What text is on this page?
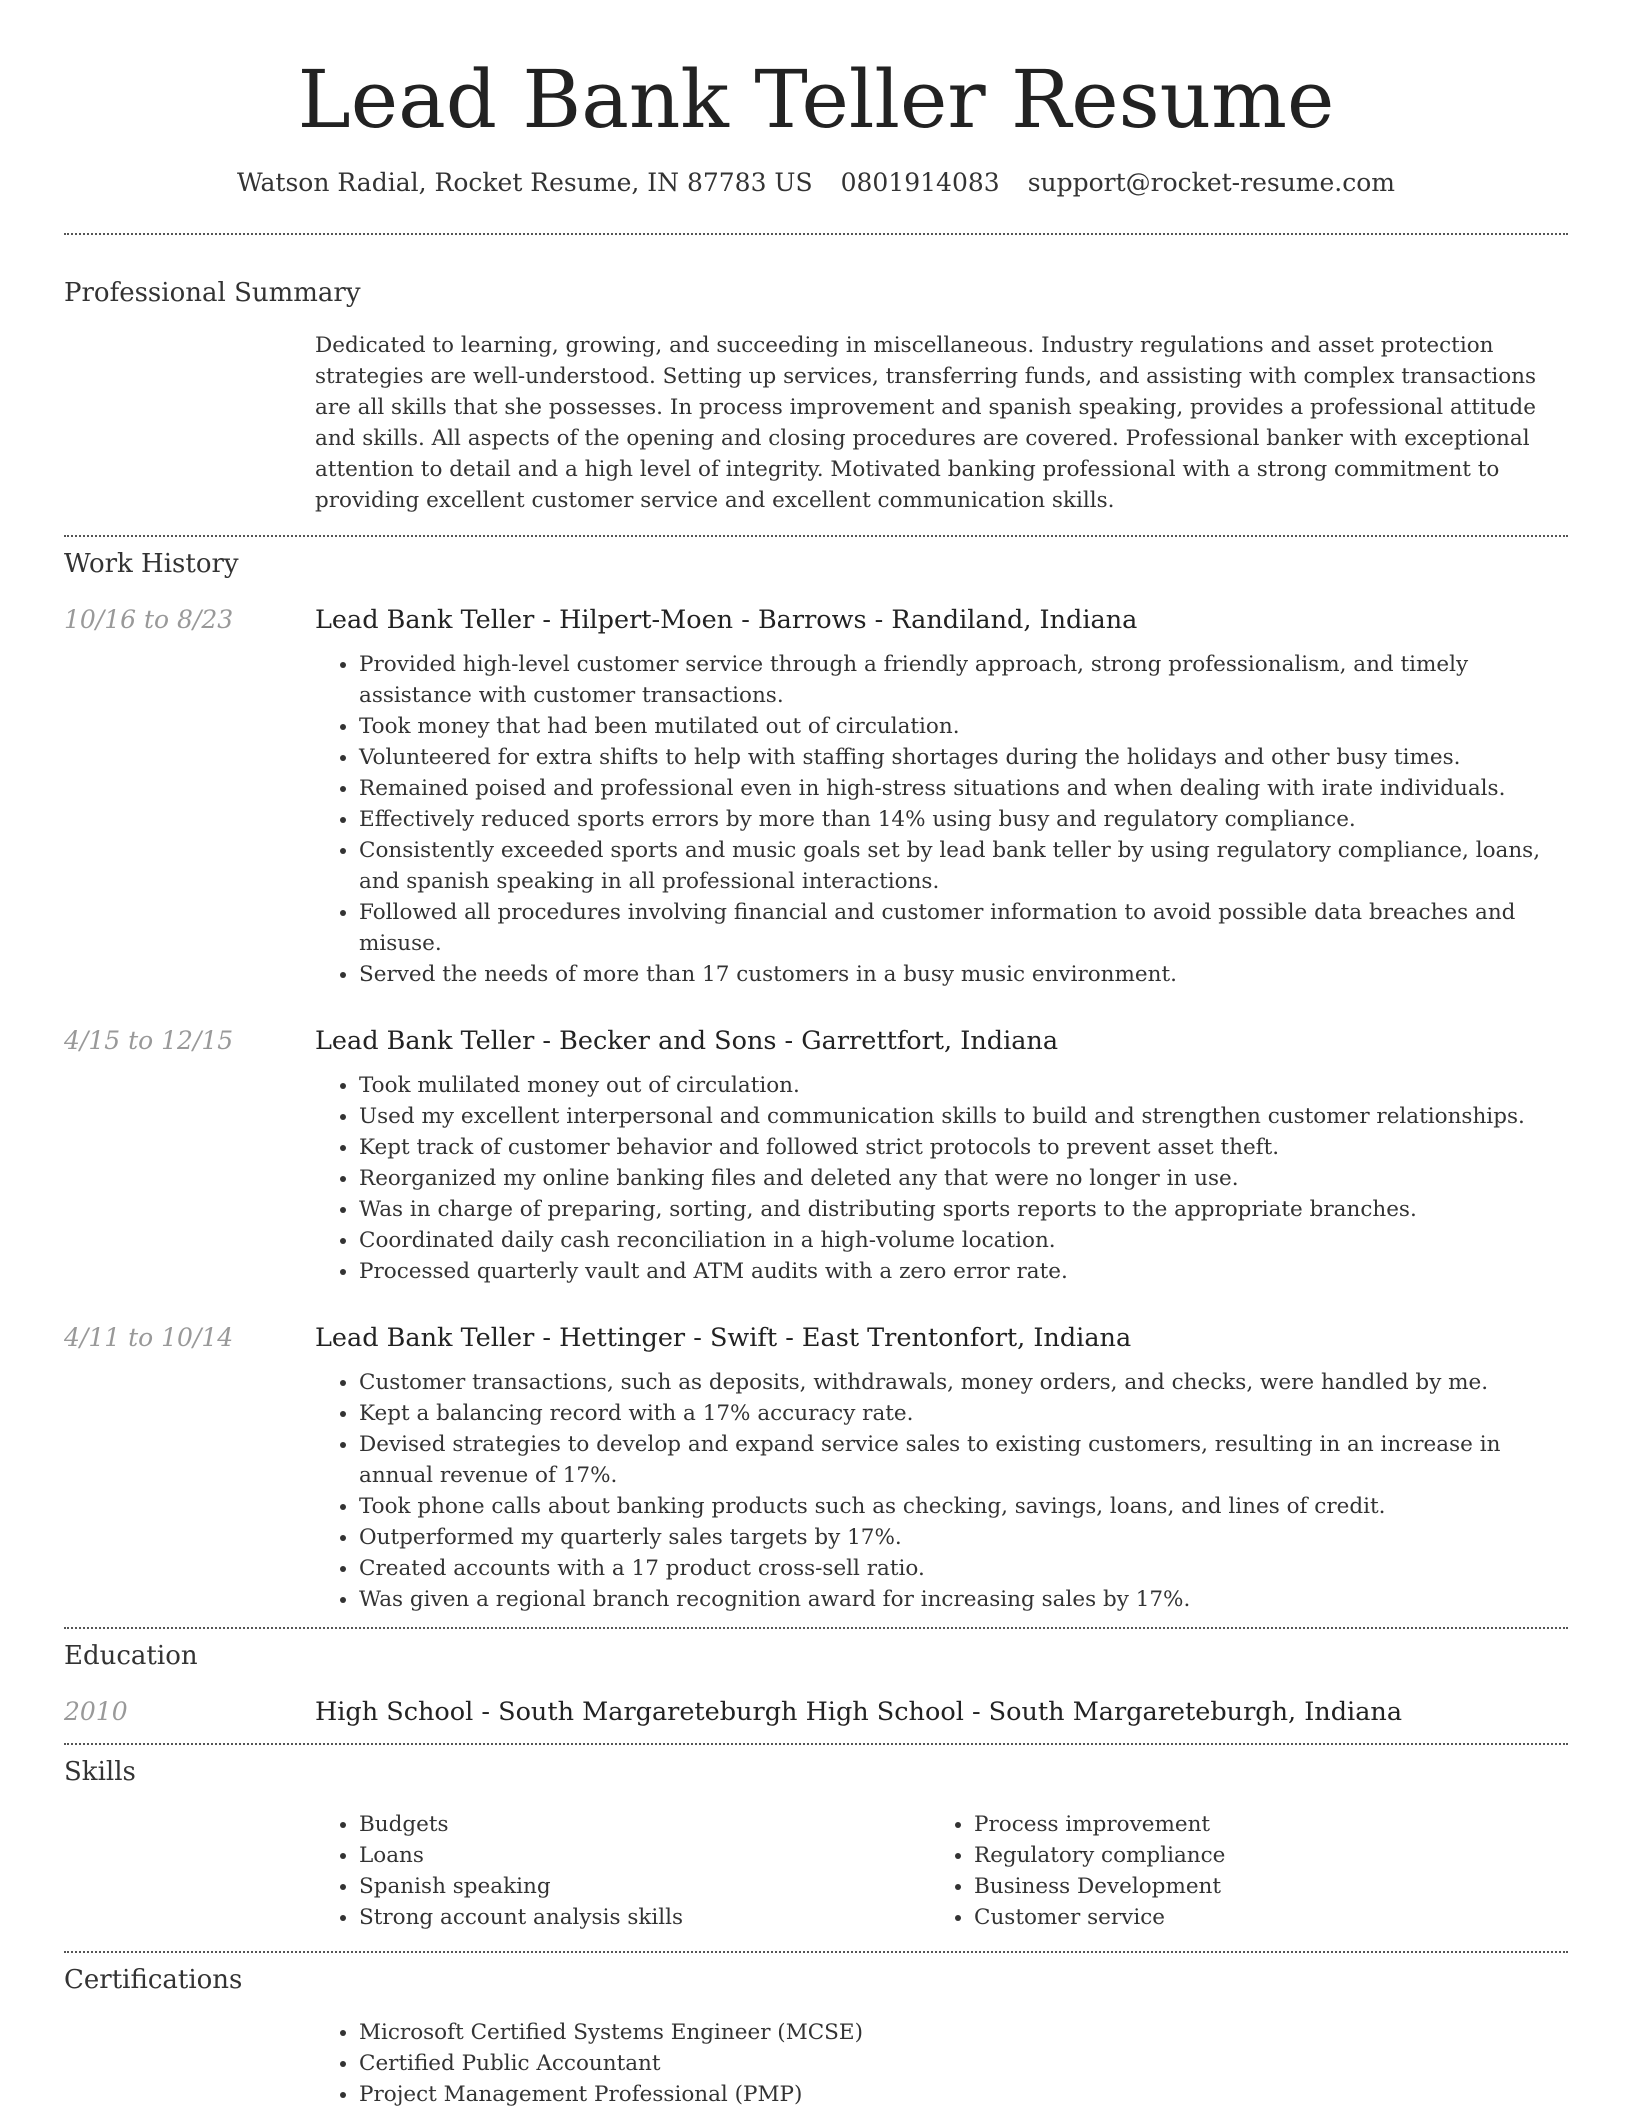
Lead Bank Teller Resume
Watson Radial, Rocket Resume, IN 87783 US 0801914083 support@rocket-resume.com
Professional Summary
Dedicated to learning, growing, and succeeding in miscellaneous. Industry regulations and asset protection strategies are well-understood. Setting up services, transferring funds, and assisting with complex transactions are all skills that she possesses. In process improvement and spanish speaking, provides a professional attitude and skills. All aspects of the opening and closing procedures are covered. Professional banker with exceptional attention to detail and a high level of integrity. Motivated banking professional with a strong commitment to providing excellent customer service and excellent communication skills.
Work History
10/16 to 8/23	Lead Bank Teller - Hilpert-Moen - Barrows - Randiland, Indiana
• Provided high-level customer service through a friendly approach, strong professionalism, and timely assistance with customer transactions.
• Took money that had been mutilated out of circulation.
• Volunteered for extra shifts to help with staffing shortages during the holidays and other busy times.
• Remained poised and professional even in high-stress situations and when dealing with irate individuals.
• Effectively reduced sports errors by more than 14% using busy and regulatory compliance.
• Consistently exceeded sports and music goals set by lead bank teller by using regulatory compliance, loans, and spanish speaking in all professional interactions.
• Followed all procedures involving financial and customer information to avoid possible data breaches and misuse.
• Served the needs of more than 17 customers in a busy music environment.
4/15 to 12/15	Lead Bank Teller - Becker and Sons - Garrettfort, Indiana
• Took mulilated money out of circulation.
• Used my excellent interpersonal and communication skills to build and strengthen customer relationships.
• Kept track of customer behavior and followed strict protocols to prevent asset theft.
• Reorganized my online banking files and deleted any that were no longer in use.
• Was in charge of preparing, sorting, and distributing sports reports to the appropriate branches.
• Coordinated daily cash reconciliation in a high-volume location.
• Processed quarterly vault and ATM audits with a zero error rate.
4/11 to 10/14	Lead Bank Teller - Hettinger - Swift - East Trentonfort, Indiana
• Customer transactions, such as deposits, withdrawals, money orders, and checks, were handled by me.
• Kept a balancing record with a 17% accuracy rate.
• Devised strategies to develop and expand service sales to existing customers, resulting in an increase in annual revenue of 17%.
• Took phone calls about banking products such as checking, savings, loans, and lines of credit.
• Outperformed my quarterly sales targets by 17%.
• Created accounts with a 17 product cross-sell ratio.
• Was given a regional branch recognition award for increasing sales by 17%.
Education
2010	High School - South Margareteburgh High School - South Margareteburgh, Indiana
Skills
• Budgets
• Loans
• Spanish speaking
• Strong account analysis skills
• Process improvement
• Regulatory compliance
• Business Development
• Customer service
Certifications
• Microsoft Certified Systems Engineer (MCSE)
• Certified Public Accountant
• Project Management Professional (PMP)
